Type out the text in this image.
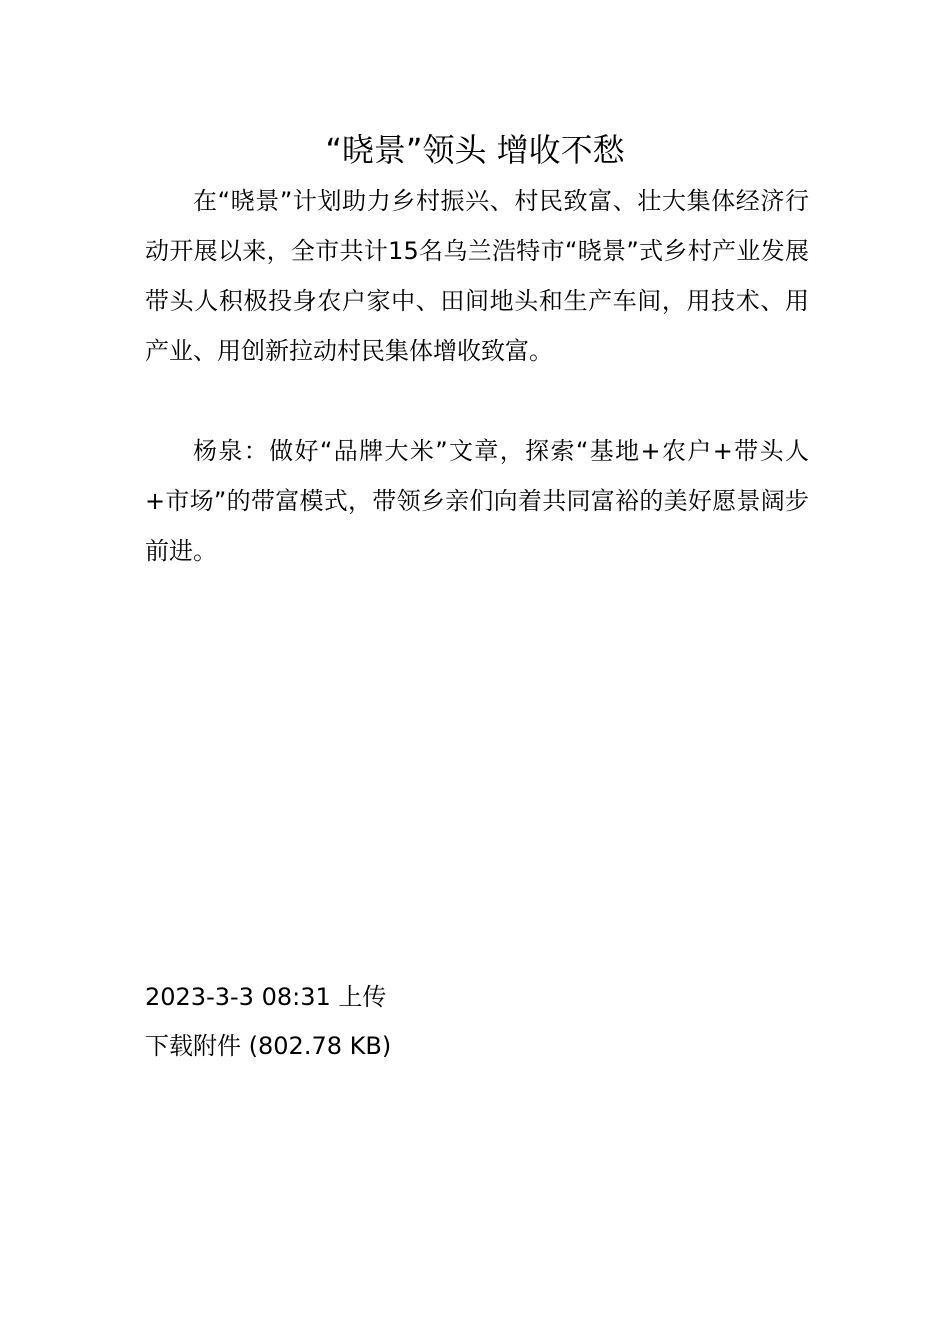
“晓景”领头 增收不愁

在“晓景”计划助力乡村振兴、村民致富、壮大集体经济行动开展以来，全市共计15名乌兰浩特市“晓景”式乡村产业发展带头人积极投身农户家中、田间地头和生产车间，用技术、用产业、用创新拉动村民集体增收致富。

杨泉：做好“品牌大米”文章，探索“基地+农户+带头人+市场”的带富模式，带领乡亲们向着共同富裕的美好愿景阔步前进。

2023-3-3 08:31 上传
下载附件 (802.78 KB)
